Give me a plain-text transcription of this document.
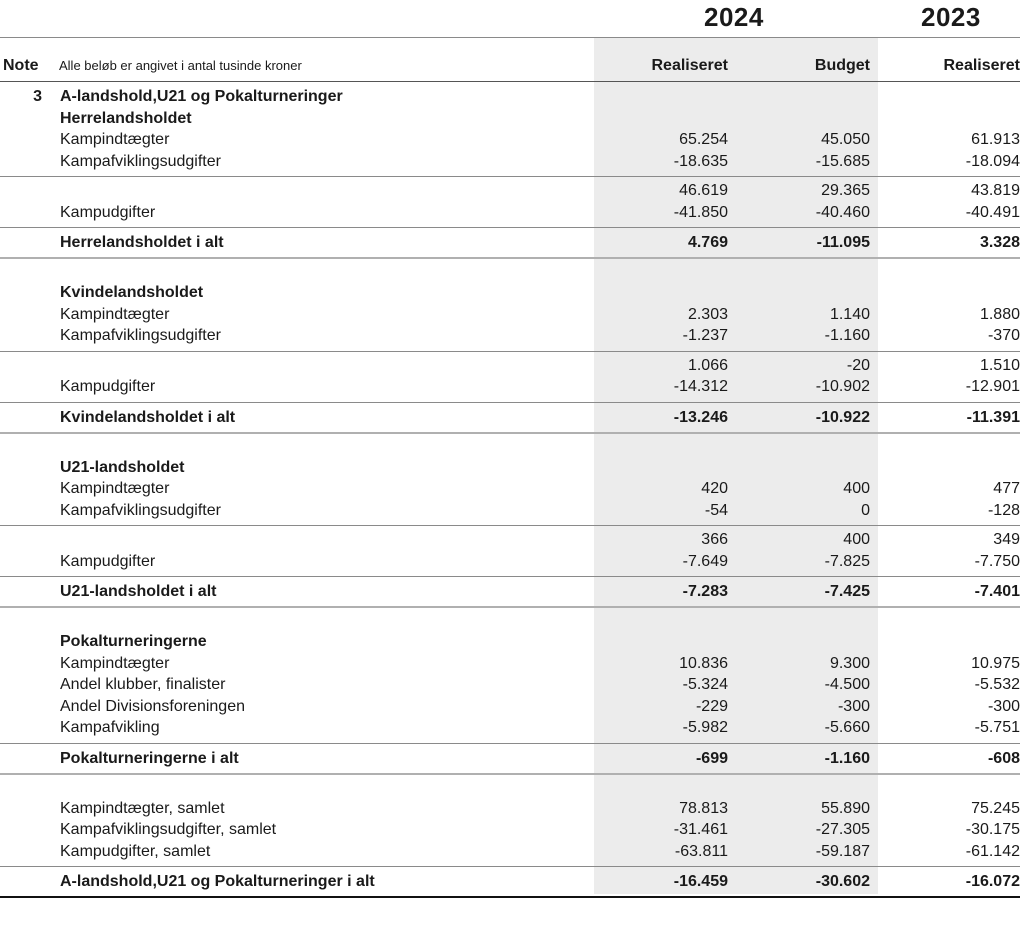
2024	2023
Note	Alle beløb er angivet i antal tusinde kroner	Realiseret	Budget	Realiseret
3	A-landshold,U21 og Pokalturneringer
Herrelandsholdet
Kampindtægter	65.254	45.050	61.913
Kampafviklingsudgifter	-18.635	-15.685	-18.094
46.619	29.365	43.819
Kampudgifter	-41.850	-40.460	-40.491
Herrelandsholdet i alt	4.769	-11.095	3.328
Kvindelandsholdet
Kampindtægter	2.303	1.140	1.880
Kampafviklingsudgifter	-1.237	-1.160	-370
1.066	-20	1.510
Kampudgifter	-14.312	-10.902	-12.901
Kvindelandsholdet i alt	-13.246	-10.922	-11.391
U21-landsholdet
Kampindtægter	420	400	477
Kampafviklingsudgifter	-54	0	-128
366	400	349
Kampudgifter	-7.649	-7.825	-7.750
U21-landsholdet i alt	-7.283	-7.425	-7.401
Pokalturneringerne
Kampindtægter	10.836	9.300	10.975
Andel klubber, finalister	-5.324	-4.500	-5.532
Andel Divisionsforeningen	-229	-300	-300
Kampafvikling	-5.982	-5.660	-5.751
Pokalturneringerne i alt	-699	-1.160	-608
Kampindtægter, samlet	78.813	55.890	75.245
Kampafviklingsudgifter, samlet	-31.461	-27.305	-30.175
Kampudgifter, samlet	-63.811	-59.187	-61.142
A-landshold,U21 og Pokalturneringer i alt	-16.459	-30.602	-16.072
